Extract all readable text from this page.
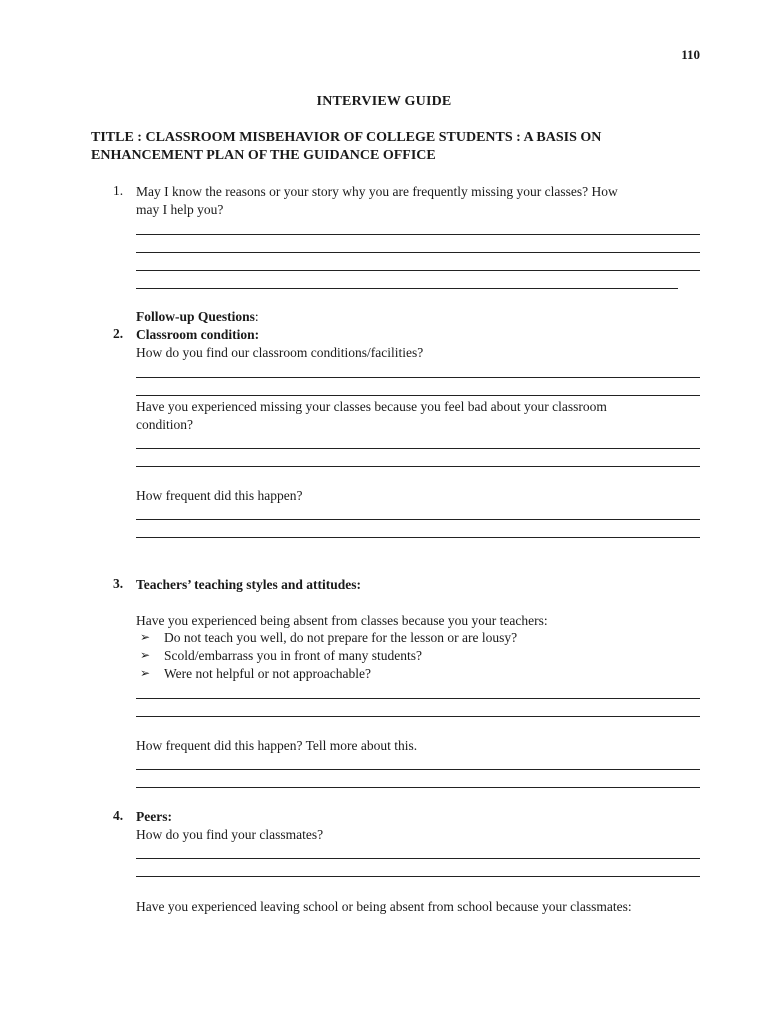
110
INTERVIEW GUIDE
TITLE : CLASSROOM MISBEHAVIOR OF COLLEGE STUDENTS : A BASIS ON
ENHANCEMENT PLAN OF THE GUIDANCE OFFICE
1. May I know the reasons or your story why you are frequently missing your classes? How
may I help you?
Follow-up Questions:
2. Classroom condition:
How do you find our classroom conditions/facilities?
Have you experienced missing your classes because you feel bad about your classroom
condition?
How frequent did this happen?
3. Teachers’ teaching styles and attitudes:
Have you experienced being absent from classes because you your teachers:
➢ Do not teach you well, do not prepare for the lesson or are lousy?
➢ Scold/embarrass you in front of many students?
➢ Were not helpful or not approachable?
How frequent did this happen? Tell more about this.
4. Peers:
How do you find your classmates?
Have you experienced leaving school or being absent from school because your classmates:
